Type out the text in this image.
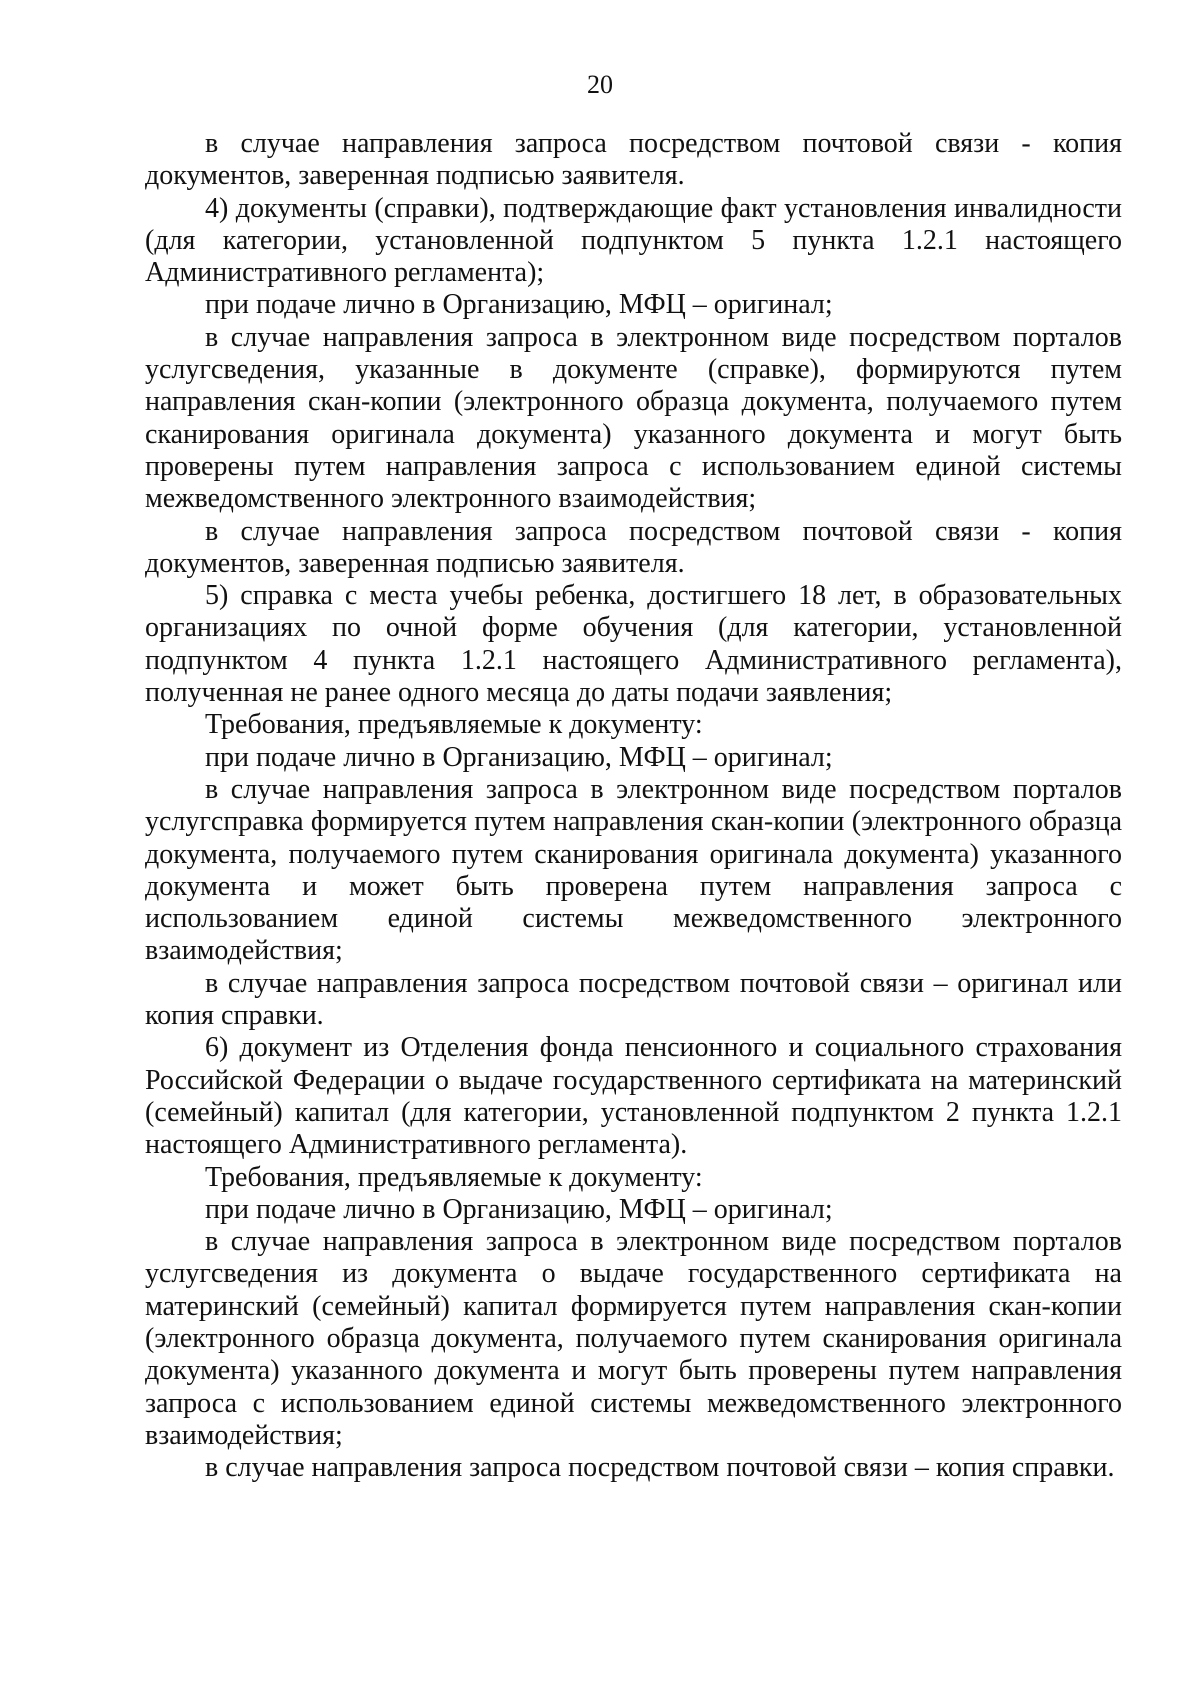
20

в случае направления запроса посредством почтовой связи - копия документов, заверенная подписью заявителя.

4) документы (справки), подтверждающие факт установления инвалидности (для категории, установленной подпунктом 5 пункта 1.2.1 настоящего Административного регламента);

при подаче лично в Организацию, МФЦ – оригинал;

в случае направления запроса в электронном виде посредством порталов услугсведения, указанные в документе (справке), формируются путем направления скан-копии (электронного образца документа, получаемого путем сканирования оригинала документа) указанного документа и могут быть проверены путем направления запроса с использованием единой системы межведомственного электронного взаимодействия;

в случае направления запроса посредством почтовой связи - копия документов, заверенная подписью заявителя.

5) справка с места учебы ребенка, достигшего 18 лет, в образовательных организациях по очной форме обучения (для категории, установленной подпунктом 4 пункта 1.2.1 настоящего Административного регламента), полученная не ранее одного месяца до даты подачи заявления;

Требования, предъявляемые к документу:

при подаче лично в Организацию, МФЦ – оригинал;

в случае направления запроса в электронном виде посредством порталов услугсправка формируется путем направления скан-копии (электронного образца документа, получаемого путем сканирования оригинала документа) указанного документа и может быть проверена путем направления запроса с использованием единой системы межведомственного электронного взаимодействия;

в случае направления запроса посредством почтовой связи – оригинал или копия справки.

6) документ из Отделения фонда пенсионного и социального страхования Российской Федерации о выдаче государственного сертификата на материнский (семейный) капитал (для категории, установленной подпунктом 2 пункта 1.2.1 настоящего Административного регламента).

Требования, предъявляемые к документу:

при подаче лично в Организацию, МФЦ – оригинал;

в случае направления запроса в электронном виде посредством порталов услугсведения из документа о выдаче государственного сертификата на материнский (семейный) капитал формируется путем направления скан-копии (электронного образца документа, получаемого путем сканирования оригинала документа) указанного документа и могут быть проверены путем направления запроса с использованием единой системы межведомственного электронного взаимодействия;

в случае направления запроса посредством почтовой связи – копия справки.
